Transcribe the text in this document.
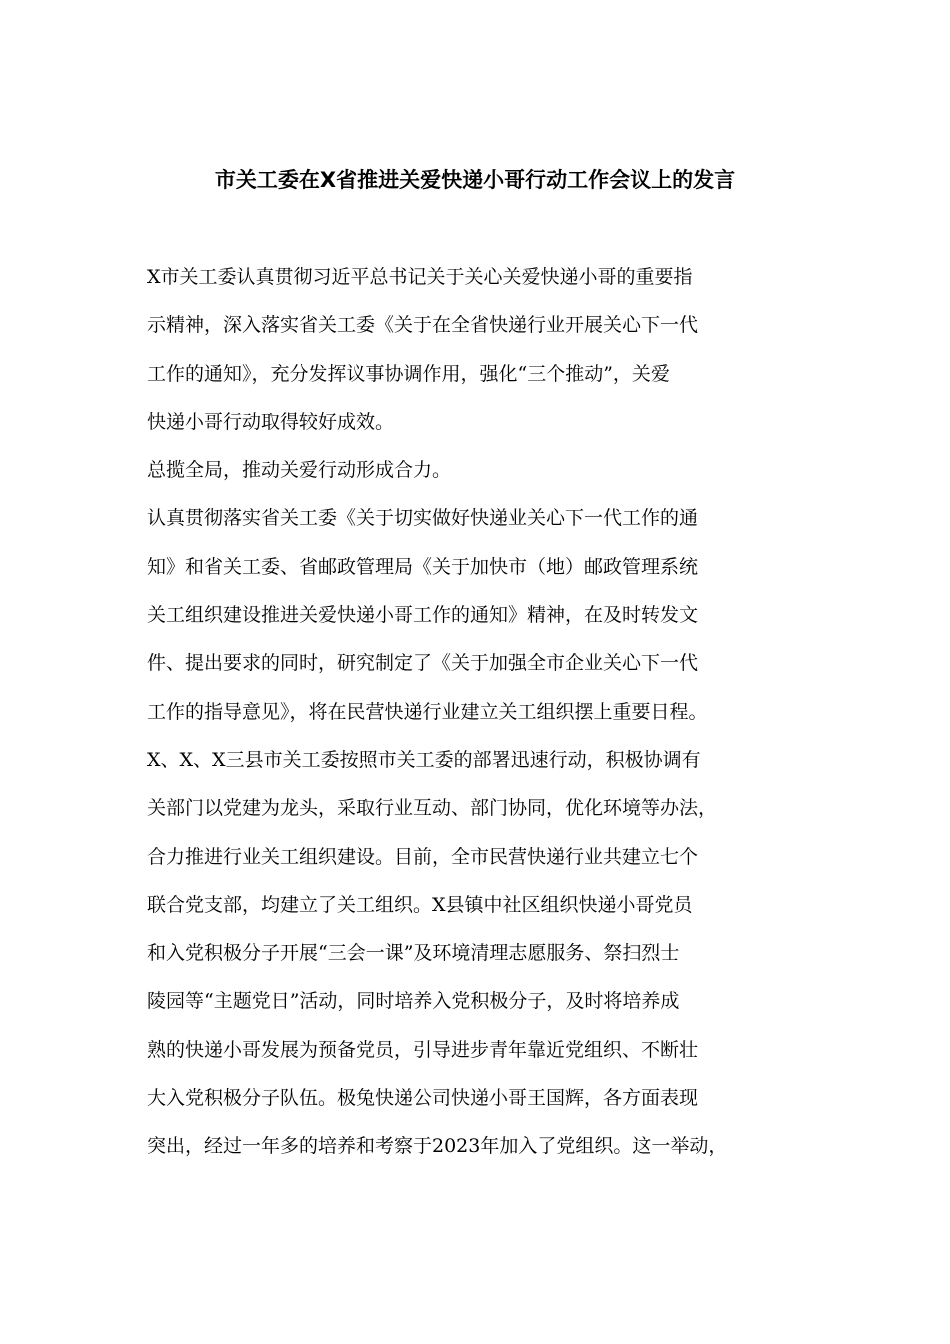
市关工委在X省推进关爱快递小哥行动工作会议上的发言
X市关工委认真贯彻习近平总书记关于关心关爱快递小哥的重要指
示精神，深入落实省关工委《关于在全省快递行业开展关心下一代
工作的通知》，充分发挥议事协调作用，强化“三个推动”，关爱
快递小哥行动取得较好成效。
总揽全局，推动关爱行动形成合力。
认真贯彻落实省关工委《关于切实做好快递业关心下一代工作的通
知》和省关工委、省邮政管理局《关于加快市（地）邮政管理系统
关工组织建设推进关爱快递小哥工作的通知》精神，在及时转发文
件、提出要求的同时，研究制定了《关于加强全市企业关心下一代
工作的指导意见》，将在民营快递行业建立关工组织摆上重要日程。
X、X、X三县市关工委按照市关工委的部署迅速行动，积极协调有
关部门以党建为龙头，采取行业互动、部门协同，优化环境等办法，
合力推进行业关工组织建设。目前，全市民营快递行业共建立七个
联合党支部，均建立了关工组织。X县镇中社区组织快递小哥党员
和入党积极分子开展“三会一课”及环境清理志愿服务、祭扫烈士
陵园等“主题党日”活动，同时培养入党积极分子，及时将培养成
熟的快递小哥发展为预备党员，引导进步青年靠近党组织、不断壮
大入党积极分子队伍。极兔快递公司快递小哥王国辉，各方面表现
突出，经过一年多的培养和考察于2023年加入了党组织。这一举动，
